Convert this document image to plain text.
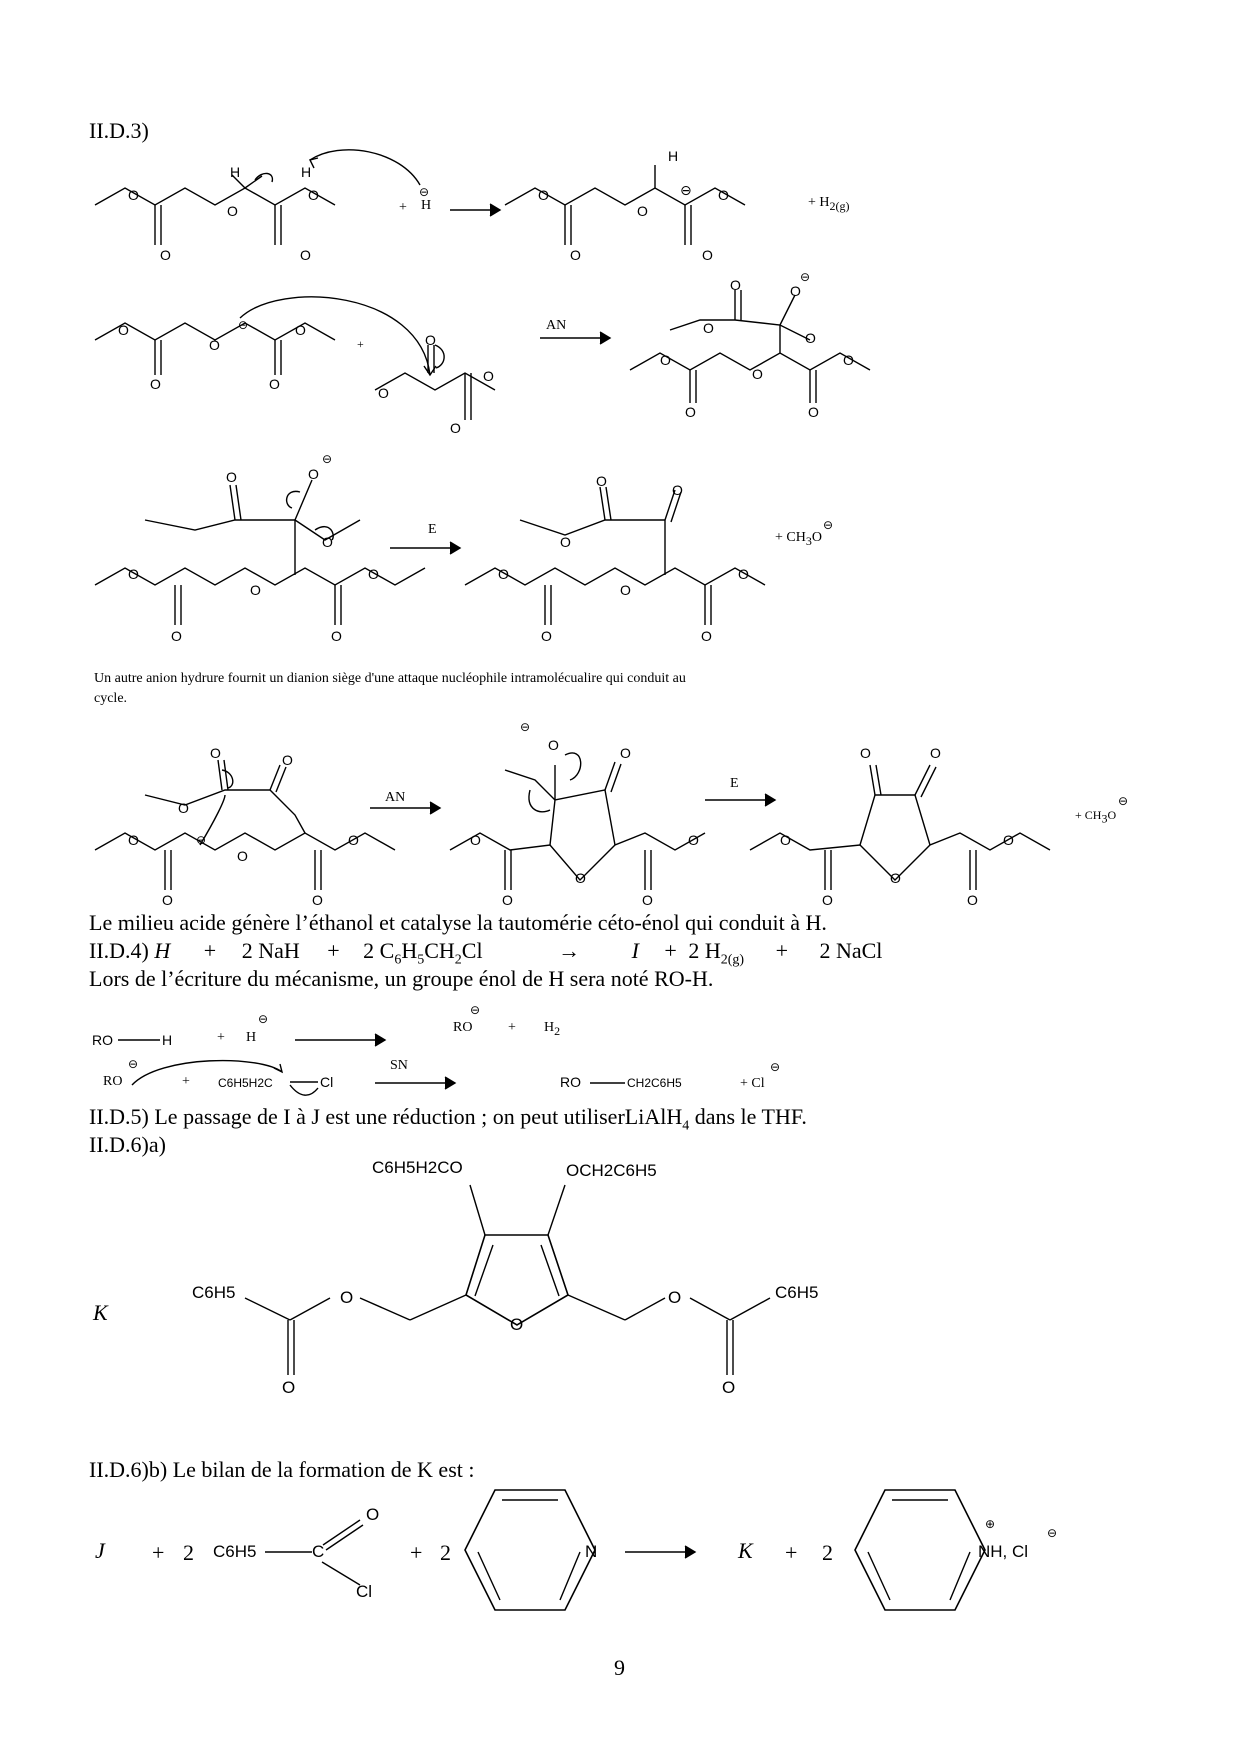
II.D.3)
O
O
O
O	O
H	H
+ H
⊖	O
O
O
O	O
H
⊖
+ $H_{2(g)}$
O
O
O
O	O
⊖
+	O
O
O
O
AN
O	O
⊖
O
O
O
O
O
O	O
O	O
⊖
O
O
O
O
O	O
E
O
O
O
O
O
O
O	O
+ $CH_3O$
⊖
Un autre anion hydrure fournit un dianion siège d'une attaque nucléophile intramolécualire qui conduit au
cycle.
O	O
O
O	⊖
O
O
O	O
AN
⊖
O	O
O
O
O
O	O
E
O	O
O
O
O
O	O
+ $CH_3O$
⊖
Le milieu acide génère l’éthanol et catalyse la tautomérie céto-énol qui conduit à H.
II.D.4) H + 2 NaH + 2 $C_6H_5CH_2Cl$	→ I + 2 $H_{2(g)} + 2$ NaCl
Lors de l’écriture du mécanisme, un groupe énol de H sera noté RO-H.
RO	H	+ H
⊖
RO
⊖
+ $H_2$
SN
RO
⊖
+ C6H5H2C	Cl	RO	CH2C6H5	+ Cl
⊖
II.D.5) Le passage de I à J est une réduction ; on peut utiliserLiAlH$_4$ dans le THF.
II.D.6)a)
C6H5H2CO	OCH2C6H5
K
C6H5	C6H5
O
O	O
O	O
II.D.6)b) Le bilan de la formation de K est :
J + 2 C6H5	C
O
Cl
+ 2	N	K + 2
⊕
NH, Cl
⊖
9
